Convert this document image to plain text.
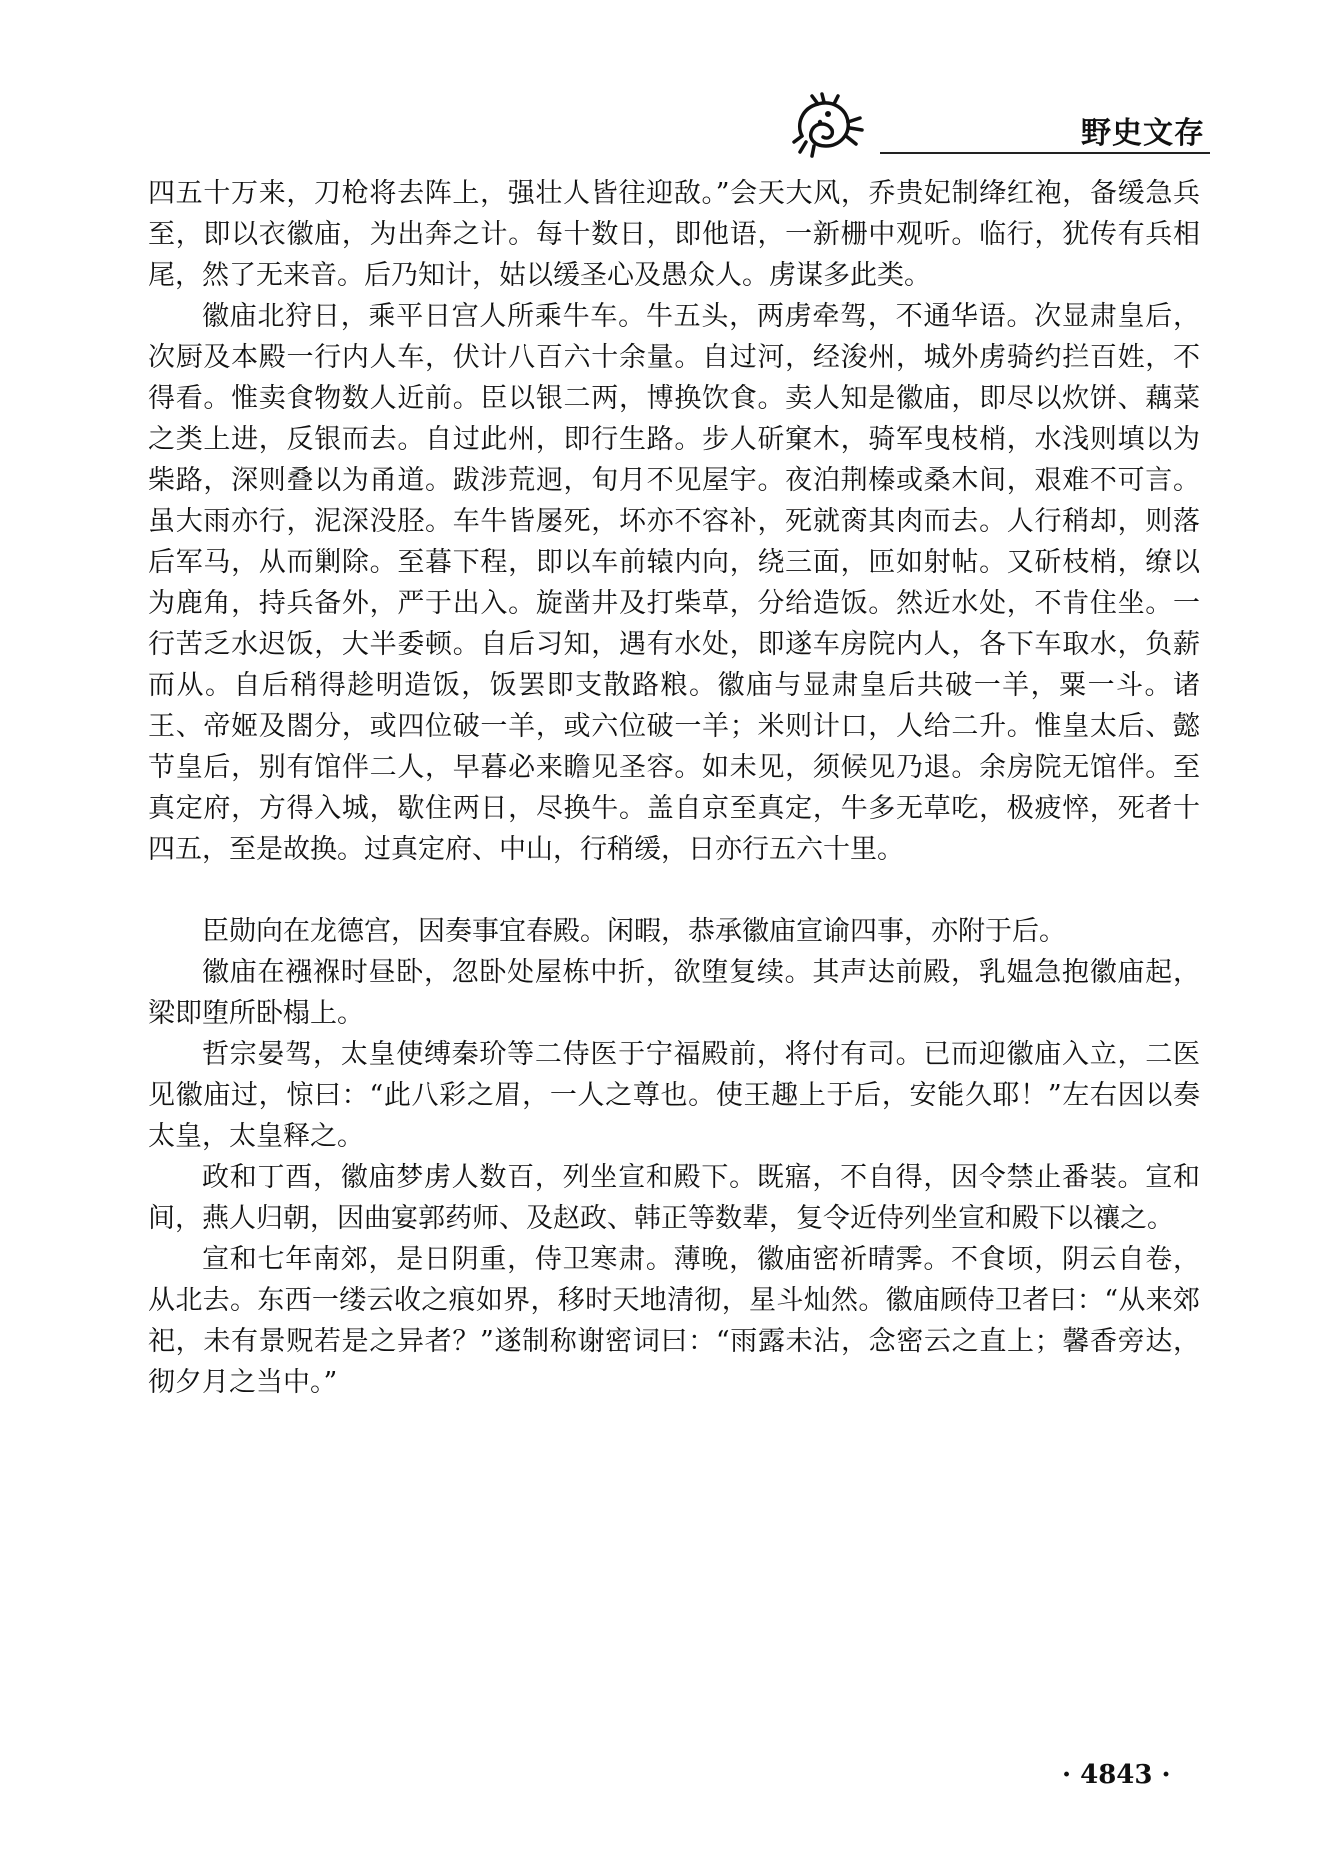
野史文存

四五十万来，刀枪将去阵上，强壮人皆往迎敌。”会天大风，乔贵妃制绛红袍，备缓急兵至，即以衣徽庙，为出奔之计。每十数日，即他语，一新栅中观听。临行，犹传有兵相尾，然了无来音。后乃知计，姑以缓圣心及愚众人。虏谋多此类。

徽庙北狩日，乘平日宫人所乘牛车。牛五头，两虏牵驾，不通华语。次显肃皇后，次厨及本殿一行内人车，伏计八百六十余量。自过河，经浚州，城外虏骑约拦百姓，不得看。惟卖食物数人近前。臣以银二两，博换饮食。卖人知是徽庙，即尽以炊饼、藕菜之类上进，反银而去。自过此州，即行生路。步人斫窠木，骑军曳枝梢，水浅则填以为柴路，深则叠以为甬道。跋涉荒迥，旬月不见屋宇。夜泊荆榛或桑木间，艰难不可言。虽大雨亦行，泥深没胫。车牛皆屡死，坏亦不容补，死就脔其肉而去。人行稍却，则落后军马，从而剿除。至暮下程，即以车前辕内向，绕三面，匝如射帖。又斫枝梢，缭以为鹿角，持兵备外，严于出入。旋凿井及打柴草，分给造饭。然近水处，不肯住坐。一行苦乏水迟饭，大半委顿。自后习知，遇有水处，即遂车房院内人，各下车取水，负薪而从。自后稍得趁明造饭，饭罢即支散路粮。徽庙与显肃皇后共破一羊，粟一斗。诸王、帝姬及閤分，或四位破一羊，或六位破一羊；米则计口，人给二升。惟皇太后、懿节皇后，别有馆伴二人，早暮必来瞻见圣容。如未见，须候见乃退。余房院无馆伴。至真定府，方得入城，歇住两日，尽换牛。盖自京至真定，牛多无草吃，极疲悴，死者十四五，至是故换。过真定府、中山，行稍缓，日亦行五六十里。

臣勋向在龙德宫，因奏事宜春殿。闲暇，恭承徽庙宣谕四事，亦附于后。

徽庙在襁褓时昼卧，忽卧处屋栋中折，欲堕复续。其声达前殿，乳媪急抱徽庙起，梁即堕所卧榻上。

哲宗晏驾，太皇使缚秦玠等二侍医于宁福殿前，将付有司。已而迎徽庙入立，二医见徽庙过，惊曰：“此八彩之眉，一人之尊也。使王趣上于后，安能久耶！”左右因以奏太皇，太皇释之。

政和丁酉，徽庙梦虏人数百，列坐宣和殿下。既寤，不自得，因令禁止番装。宣和间，燕人归朝，因曲宴郭药师、及赵政、韩正等数辈，复令近侍列坐宣和殿下以禳之。

宣和七年南郊，是日阴重，侍卫寒肃。薄晚，徽庙密祈晴霁。不食顷，阴云自卷，从北去。东西一缕云收之痕如界，移时天地清彻，星斗灿然。徽庙顾侍卫者曰：“从来郊祀，未有景贶若是之异者？”遂制称谢密词曰：“雨露未沾，念密云之直上；馨香旁达，彻夕月之当中。”

· 4843 ·
